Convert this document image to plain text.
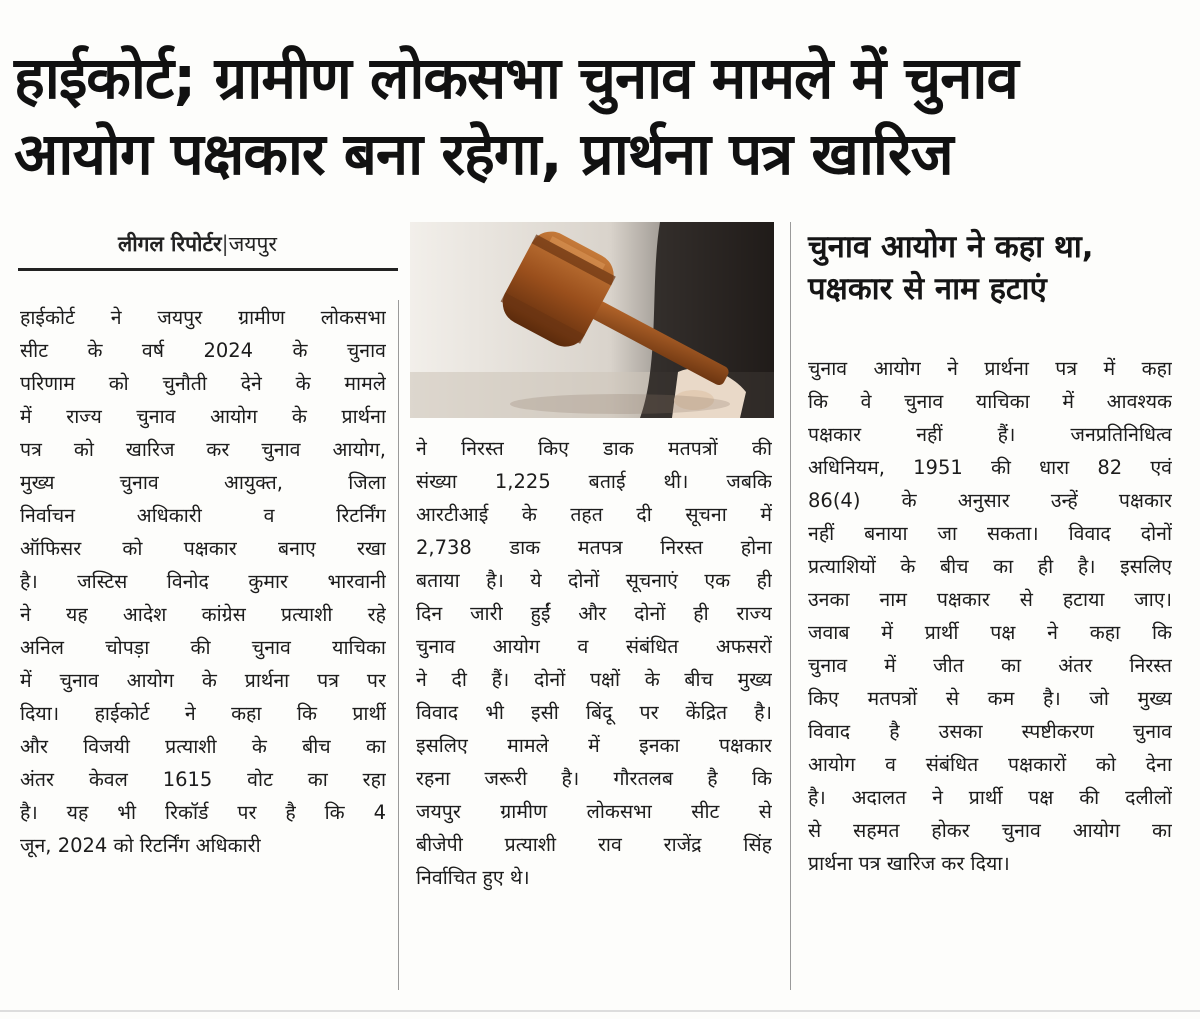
हाईकोर्ट; ग्रामीण लोकसभा चुनाव मामले में चुनाव
आयोग पक्षकार बना रहेगा, प्रार्थना पत्र खारिज
लीगल रिपोर्टर|जयपुर	चुनाव आयोग ने कहा था,
पक्षकार से नाम हटाएं
हाईकोर्ट ने जयपुर ग्रामीण लोकसभा
सीट के वर्ष 2024 के चुनाव
परिणाम को चुनौती देने के मामले
में राज्य चुनाव आयोग के प्रार्थना
पत्र को खारिज कर चुनाव आयोग,
मुख्य चुनाव आयुक्त, जिला
निर्वाचन अधिकारी व रिटर्निंग
ऑफिसर को पक्षकार बनाए रखा
है। जस्टिस विनोद कुमार भारवानी
ने यह आदेश कांग्रेस प्रत्याशी रहे
अनिल चोपड़ा की चुनाव याचिका
में चुनाव आयोग के प्रार्थना पत्र पर
दिया। हाईकोर्ट ने कहा कि प्रार्थी
और विजयी प्रत्याशी के बीच का
अंतर केवल 1615 वोट का रहा
है। यह भी रिकॉर्ड पर है कि 4
जून, 2024 को रिटर्निंग अधिकारी
ने निरस्त किए डाक मतपत्रों की
संख्या 1,225 बताई थी। जबकि
आरटीआई के तहत दी सूचना में
2,738 डाक मतपत्र निरस्त होना
बताया है। ये दोनों सूचनाएं एक ही
दिन जारी हुईं और दोनों ही राज्य
चुनाव आयोग व संबंधित अफसरों
ने दी हैं। दोनों पक्षों के बीच मुख्य
विवाद भी इसी बिंदू पर केंद्रित है।
इसलिए मामले में इनका पक्षकार
रहना जरूरी है। गौरतलब है कि
जयपुर ग्रामीण लोकसभा सीट से
बीजेपी प्रत्याशी राव राजेंद्र सिंह
निर्वाचित हुए थे।
चुनाव आयोग ने प्रार्थना पत्र में कहा
कि वे चुनाव याचिका में आवश्यक
पक्षकार नहीं हैं। जनप्रतिनिधित्व
अधिनियम, 1951 की धारा 82 एवं
86(4) के अनुसार उन्हें पक्षकार
नहीं बनाया जा सकता। विवाद दोनों
प्रत्याशियों के बीच का ही है। इसलिए
उनका नाम पक्षकार से हटाया जाए।
जवाब में प्रार्थी पक्ष ने कहा कि
चुनाव में जीत का अंतर निरस्त
किए मतपत्रों से कम है। जो मुख्य
विवाद है उसका स्पष्टीकरण चुनाव
आयोग व संबंधित पक्षकारों को देना
है। अदालत ने प्रार्थी पक्ष की दलीलों
से सहमत होकर चुनाव आयोग का
प्रार्थना पत्र खारिज कर दिया।
